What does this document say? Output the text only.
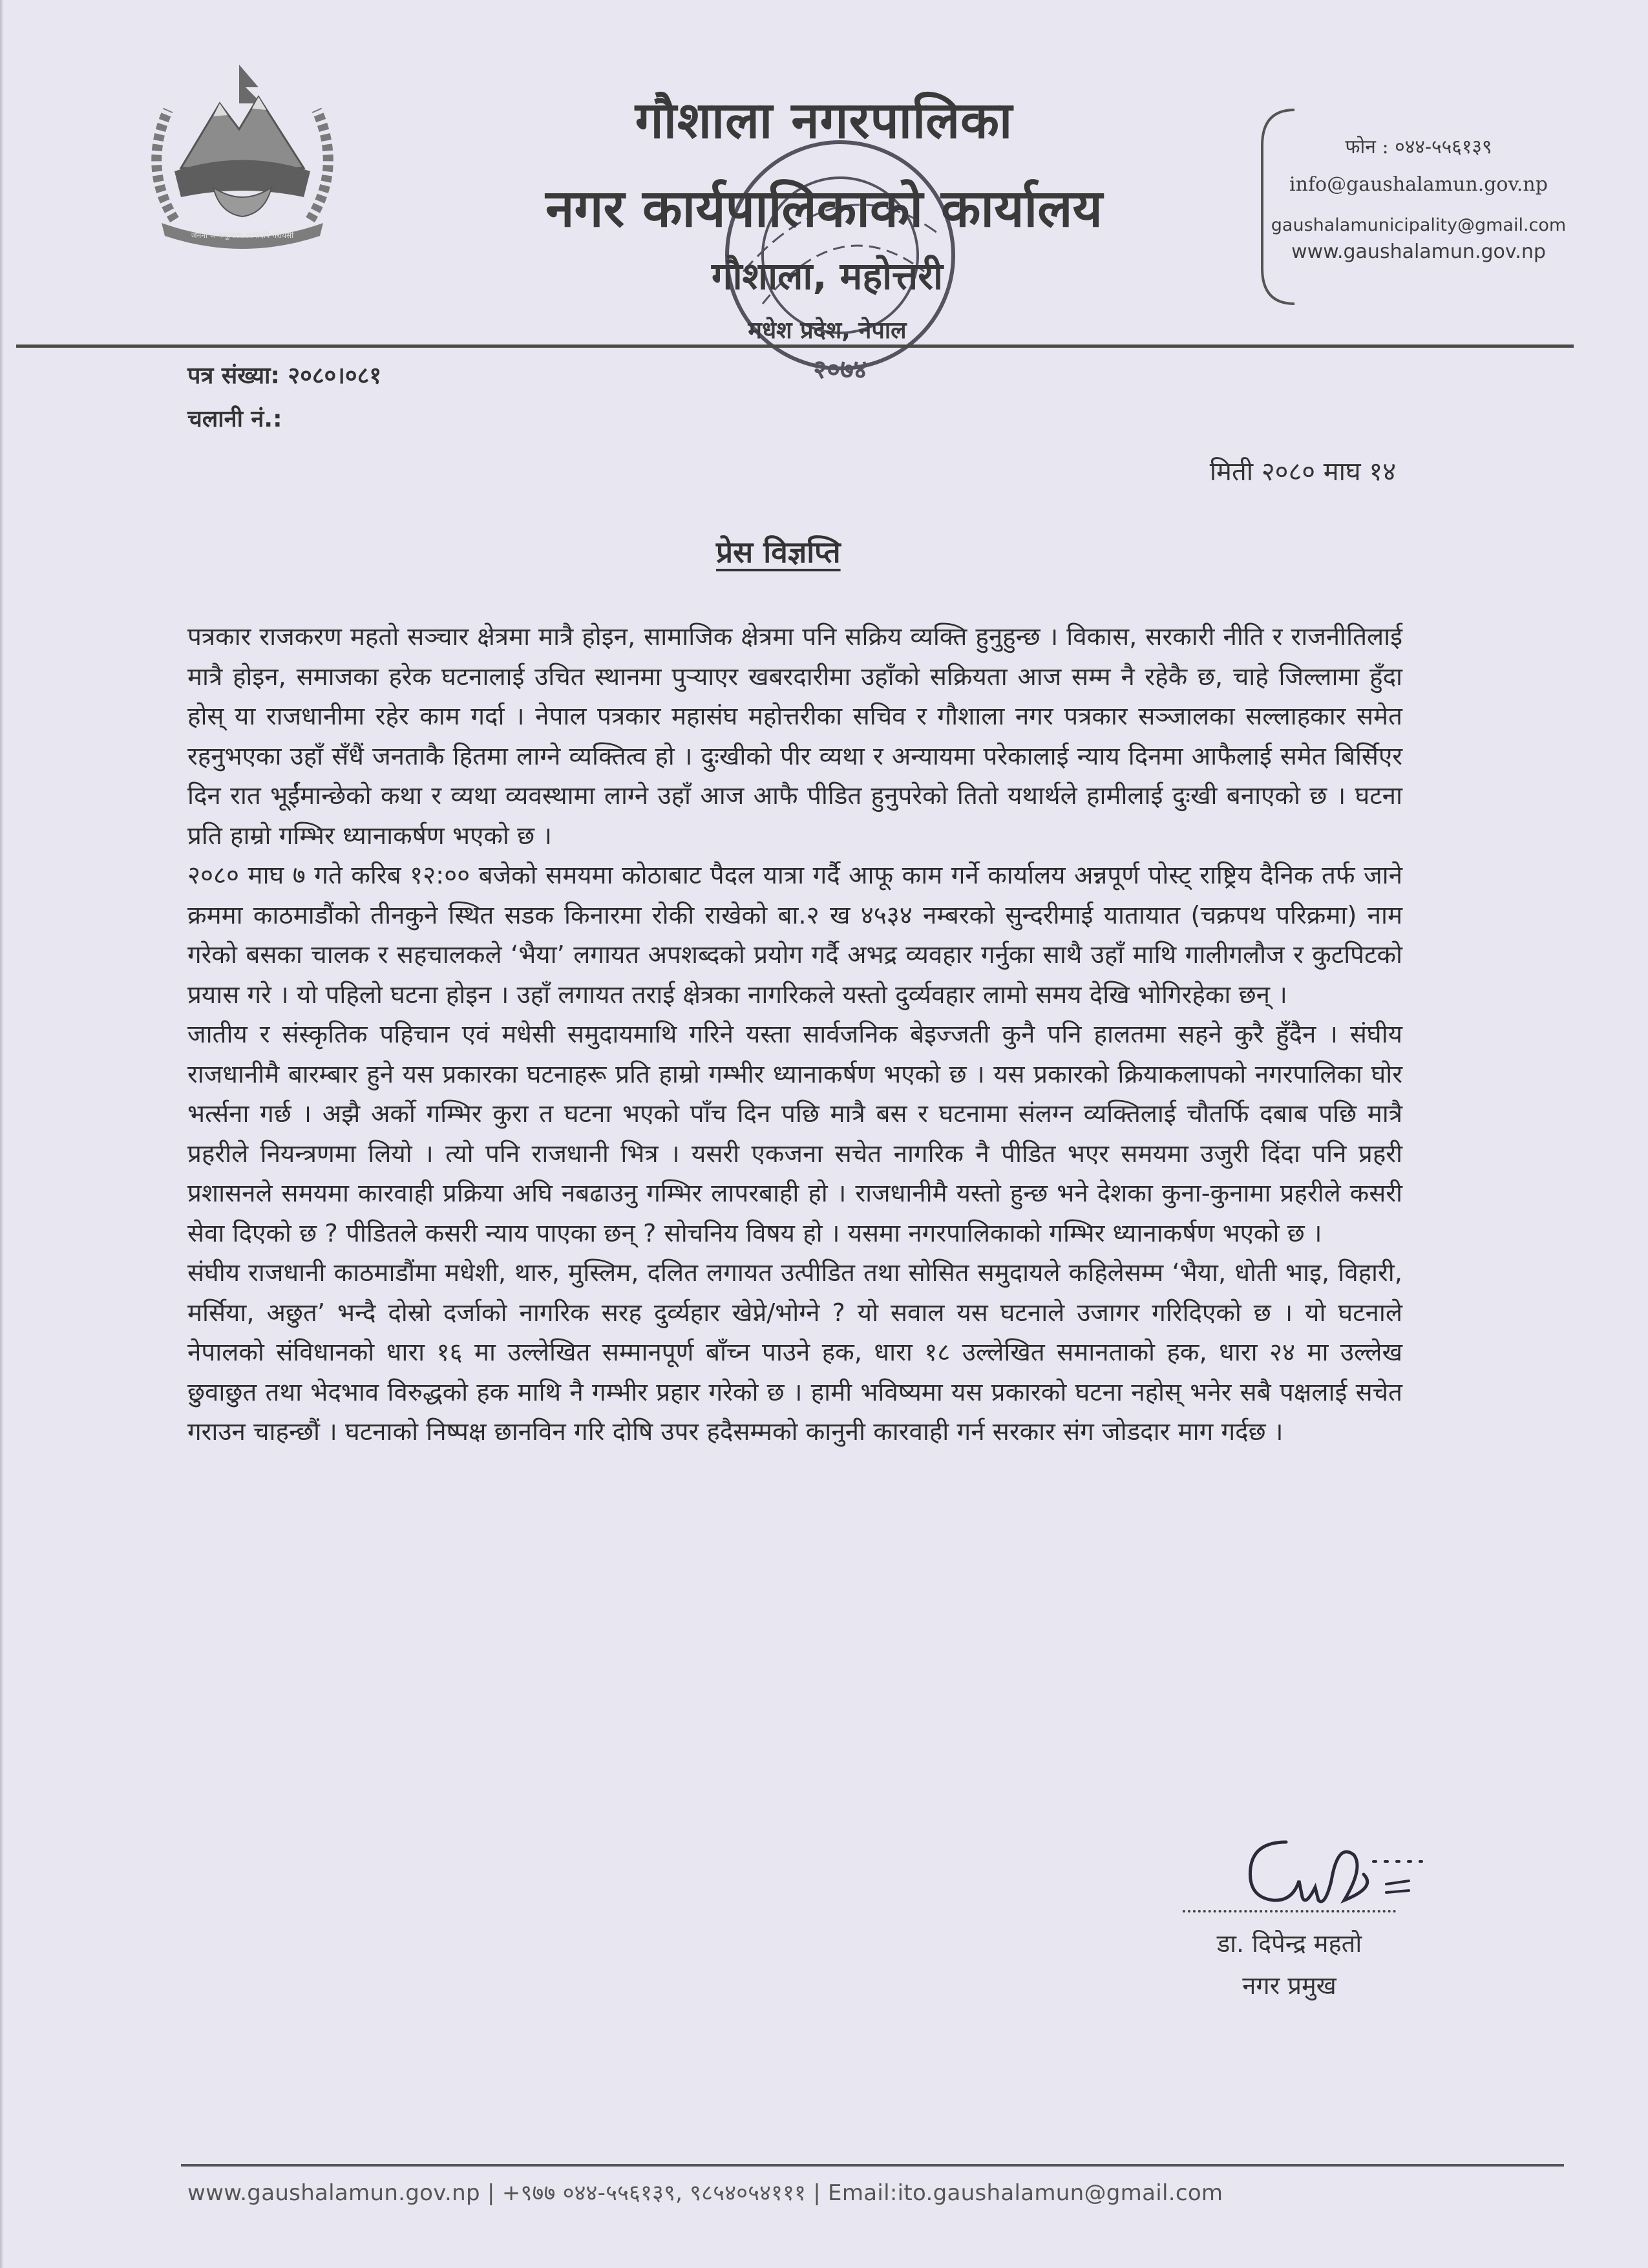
जननी जन्मभूमिश्च स्वर्गादपि गरीयसी
गौशाला नगरपालिका
नगर कार्यपालिकाको कार्यालय
गौशाला, महोत्तरी
मधेश प्रदेश, नेपाल
२०७४
फोन : ०४४-५५६१३९
info@gaushalamun.gov.np
gaushalamunicipality@gmail.com
www.gaushalamun.gov.np
पत्र संख्या: २०८०।०८१
चलानी नं.:
मिती २०८० माघ १४
प्रेस विज्ञप्ति

पत्रकार राजकरण महतो सञ्चार क्षेत्रमा मात्रै होइन, सामाजिक क्षेत्रमा पनि सक्रिय व्यक्ति हुनुहुन्छ । विकास, सरकारी नीति र राजनीतिलाई मात्रै होइन, समाजका हरेक घटनालाई उचित स्थानमा पुऱ्याएर खबरदारीमा उहाँको सक्रियता आज सम्म नै रहेकै छ, चाहे जिल्लामा हुँदा होस् या राजधानीमा रहेर काम गर्दा । नेपाल पत्रकार महासंघ महोत्तरीका सचिव र गौशाला नगर पत्रकार सञ्जालका सल्लाहकार समेत रहनुभएका उहाँ सँधैं जनताकै हितमा लाग्ने व्यक्तित्व हो । दुःखीको पीर व्यथा र अन्यायमा परेकालाई न्याय दिनमा आफैलाई समेत बिर्सिएर दिन रात भूईंमान्छेको कथा र व्यथा व्यवस्थामा लाग्ने उहाँ आज आफै पीडित हुनुपरेको तितो यथार्थले हामीलाई दुःखी बनाएको छ । घटना प्रति हाम्रो गम्भिर ध्यानाकर्षण भएको छ ।

२०८० माघ ७ गते करिब १२:०० बजेको समयमा कोठाबाट पैदल यात्रा गर्दै आफू काम गर्ने कार्यालय अन्नपूर्ण पोस्ट् राष्ट्रिय दैनिक तर्फ जाने क्रममा काठमाडौंको तीनकुने स्थित सडक किनारमा रोकी राखेको बा.२ ख ४५३४ नम्बरको सुन्दरीमाई यातायात (चक्रपथ परिक्रमा) नाम गरेको बसका चालक र सहचालकले ‘भैया’ लगायत अपशब्दको प्रयोग गर्दै अभद्र व्यवहार गर्नुका साथै उहाँ माथि गालीगलौज र कुटपिटको प्रयास गरे । यो पहिलो घटना होइन । उहाँ लगायत तराई क्षेत्रका नागरिकले यस्तो दुर्व्यवहार लामो समय देखि भोगिरहेका छन् ।

जातीय र संस्कृतिक पहिचान एवं मधेसी समुदायमाथि गरिने यस्ता सार्वजनिक बेइज्जती कुनै पनि हालतमा सहने कुरै हुँदैन । संघीय राजधानीमै बारम्बार हुने यस प्रकारका घटनाहरू प्रति हाम्रो गम्भीर ध्यानाकर्षण भएको छ । यस प्रकारको क्रियाकलापको नगरपालिका घोर भर्त्सना गर्छ । अझै अर्को गम्भिर कुरा त घटना भएको पाँच दिन पछि मात्रै बस र घटनामा संलग्न व्यक्तिलाई चौतर्फि दबाब पछि मात्रै प्रहरीले नियन्त्रणमा लियो । त्यो पनि राजधानी भित्र । यसरी एकजना सचेत नागरिक नै पीडित भएर समयमा उजुरी दिंदा पनि प्रहरी प्रशासनले समयमा कारवाही प्रक्रिया अघि नबढाउनु गम्भिर लापरबाही हो । राजधानीमै यस्तो हुन्छ भने देशका कुना-कुनामा प्रहरीले कसरी सेवा दिएको छ ? पीडितले कसरी न्याय पाएका छन् ? सोचनिय विषय हो । यसमा नगरपालिकाको गम्भिर ध्यानाकर्षण भएको छ ।

संघीय राजधानी काठमाडौंमा मधेशी, थारु, मुस्लिम, दलित लगायत उत्पीडित तथा सोसित समुदायले कहिलेसम्म ‘भैया, धोती भाइ, विहारी, मर्सिया, अछुत’ भन्दै दोस्रो दर्जाको नागरिक सरह दुर्व्यहार खेप्ने/भोग्ने ? यो सवाल यस घटनाले उजागर गरिदिएको छ । यो घटनाले नेपालको संविधानको धारा १६ मा उल्लेखित सम्मानपूर्ण बाँच्न पाउने हक, धारा १८ उल्लेखित समानताको हक, धारा २४ मा उल्लेख छुवाछुत तथा भेदभाव विरुद्धको हक माथि नै गम्भीर प्रहार गरेको छ । हामी भविष्यमा यस प्रकारको घटना नहोस् भनेर सबै पक्षलाई सचेत गराउन चाहन्छौं । घटनाको निष्पक्ष छानविन गरि दोषि उपर हदैसम्मको कानुनी कारवाही गर्न सरकार संग जोडदार माग गर्दछ ।

डा. दिपेन्द्र महतो
नगर प्रमुख
www.gaushalamun.gov.np | +९७७ ०४४-५५६१३९, ९८५४०५४१११ | Email:ito.gaushalamun@gmail.com
